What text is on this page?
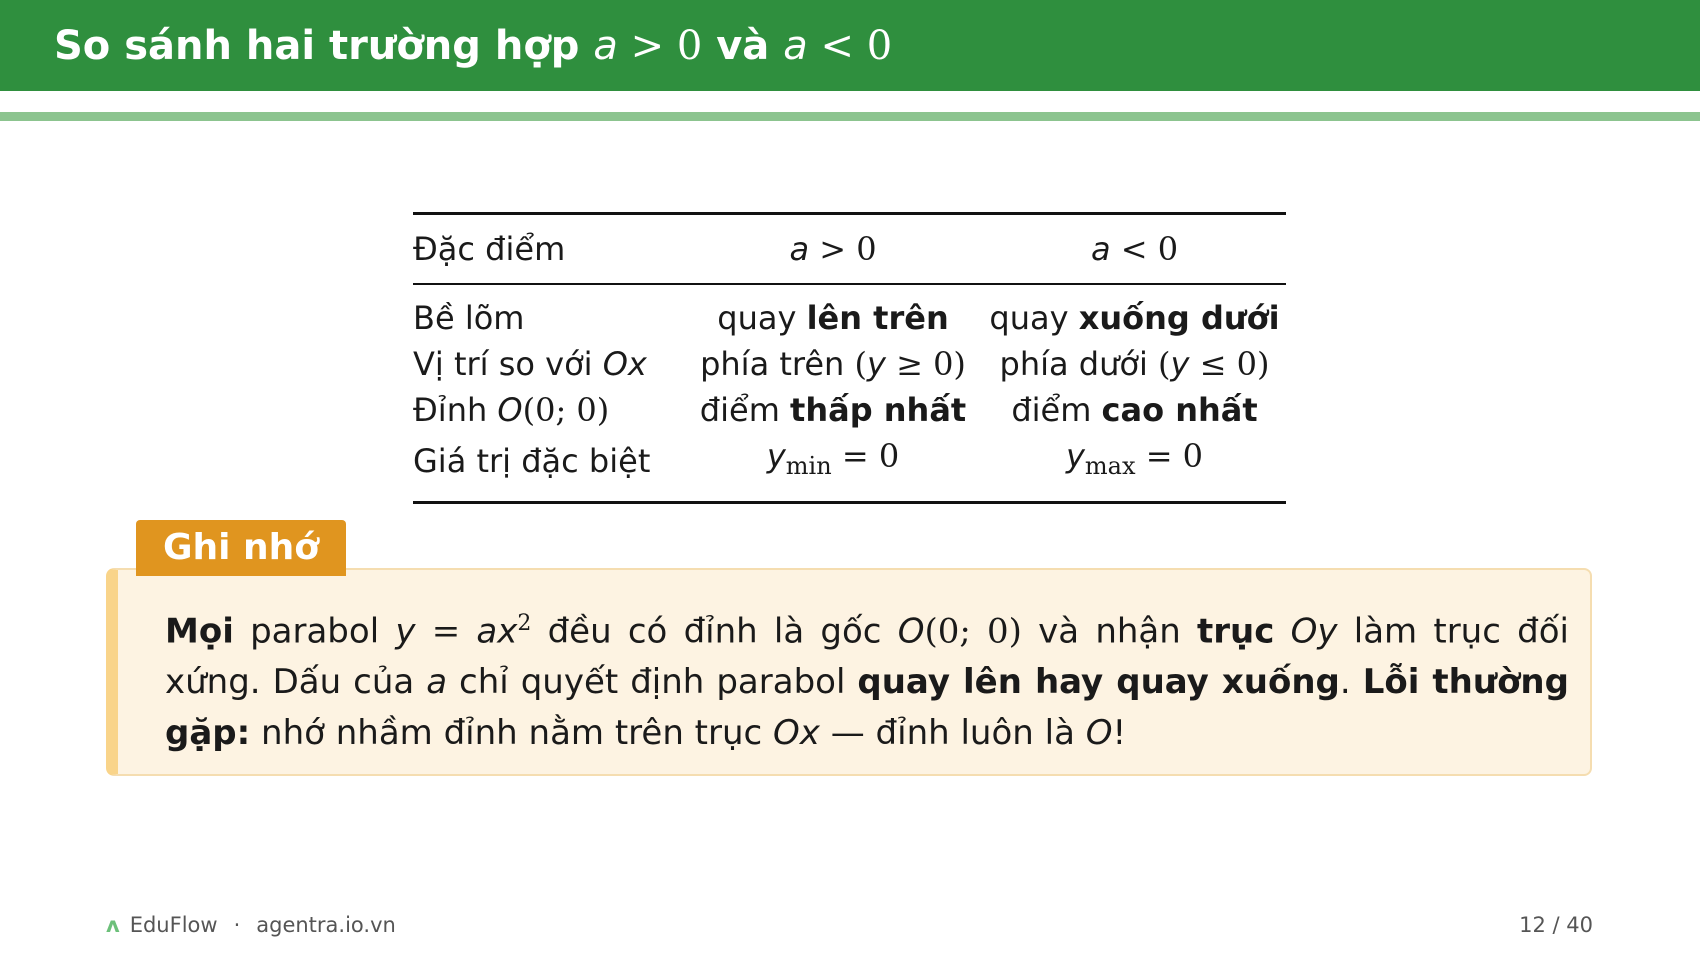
So sánh hai trường hợp a > 0 và a < 0
Đặc điểm	a > 0	a < 0
Bề lõm	quay lên trên	quay xuống dưới
Vị trí so với Ox	phía trên (y ≥ 0)	phía dưới (y ≤ 0)
Đỉnh O(0; 0)	điểm thấp nhất	điểm cao nhất
Giá trị đặc biệt	$y_{min} = 0$	$y_{max} = 0$
Mọi parabol $y = ax^2$ đều có đỉnh là gốc O(0; 0) và nhận trục Oy làm trục đối xứng. Dấu của a chỉ quyết định parabol quay lên hay quay xuống. Lỗi thường gặp: nhớ nhầm đỉnh nằm trên trục Ox — đỉnh luôn là O!
Ghi nhớ
ʌ EduFlow · agentra.io.vn	12 / 40
